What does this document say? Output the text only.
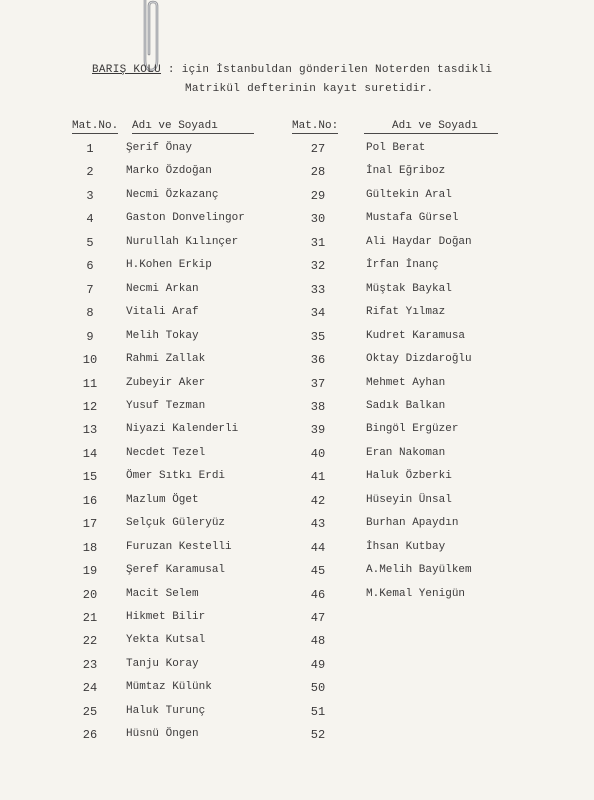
BARIŞ KOLU : için İstanbuldan gönderilen Noterden tasdikli
Matrikül defterinin kayıt suretidir.
Mat.No. Adı ve Soyadı	Mat.No:	Adı ve Soyadı
1	Şerif Önay	27	Pol Berat
2	Marko Özdoğan	28	İnal Eğriboz
3	Necmi Özkazanç	29	Gültekin Aral
4	Gaston Donvelingor	30	Mustafa Gürsel
5	Nurullah Kılınçer	31	Ali Haydar Doğan
6	H.Kohen Erkip	32	İrfan İnanç
7	Necmi Arkan	33	Müştak Baykal
8	Vitali Araf	34	Rifat Yılmaz
9	Melih Tokay	35	Kudret Karamusa
10	Rahmi Zallak	36	Oktay Dizdaroğlu
11	Zubeyir Aker	37	Mehmet Ayhan
12	Yusuf Tezman	38	Sadık Balkan
13	Niyazi Kalenderli	39	Bingöl Ergüzer
14	Necdet Tezel	40	Eran Nakoman
15	Ömer Sıtkı Erdi	41	Haluk Özberki
16	Mazlum Öget	42	Hüseyin Ünsal
17	Selçuk Güleryüz	43	Burhan Apaydın
18	Furuzan Kestelli	44	İhsan Kutbay
19	Şeref Karamusal	45	A.Melih Bayülkem
20	Macit Selem	46	M.Kemal Yenigün
21	Hikmet Bilir	47
22	Yekta Kutsal	48
23	Tanju Koray	49
24	Mümtaz Külünk	50
25	Haluk Turunç	51
26	Hüsnü Öngen	52
